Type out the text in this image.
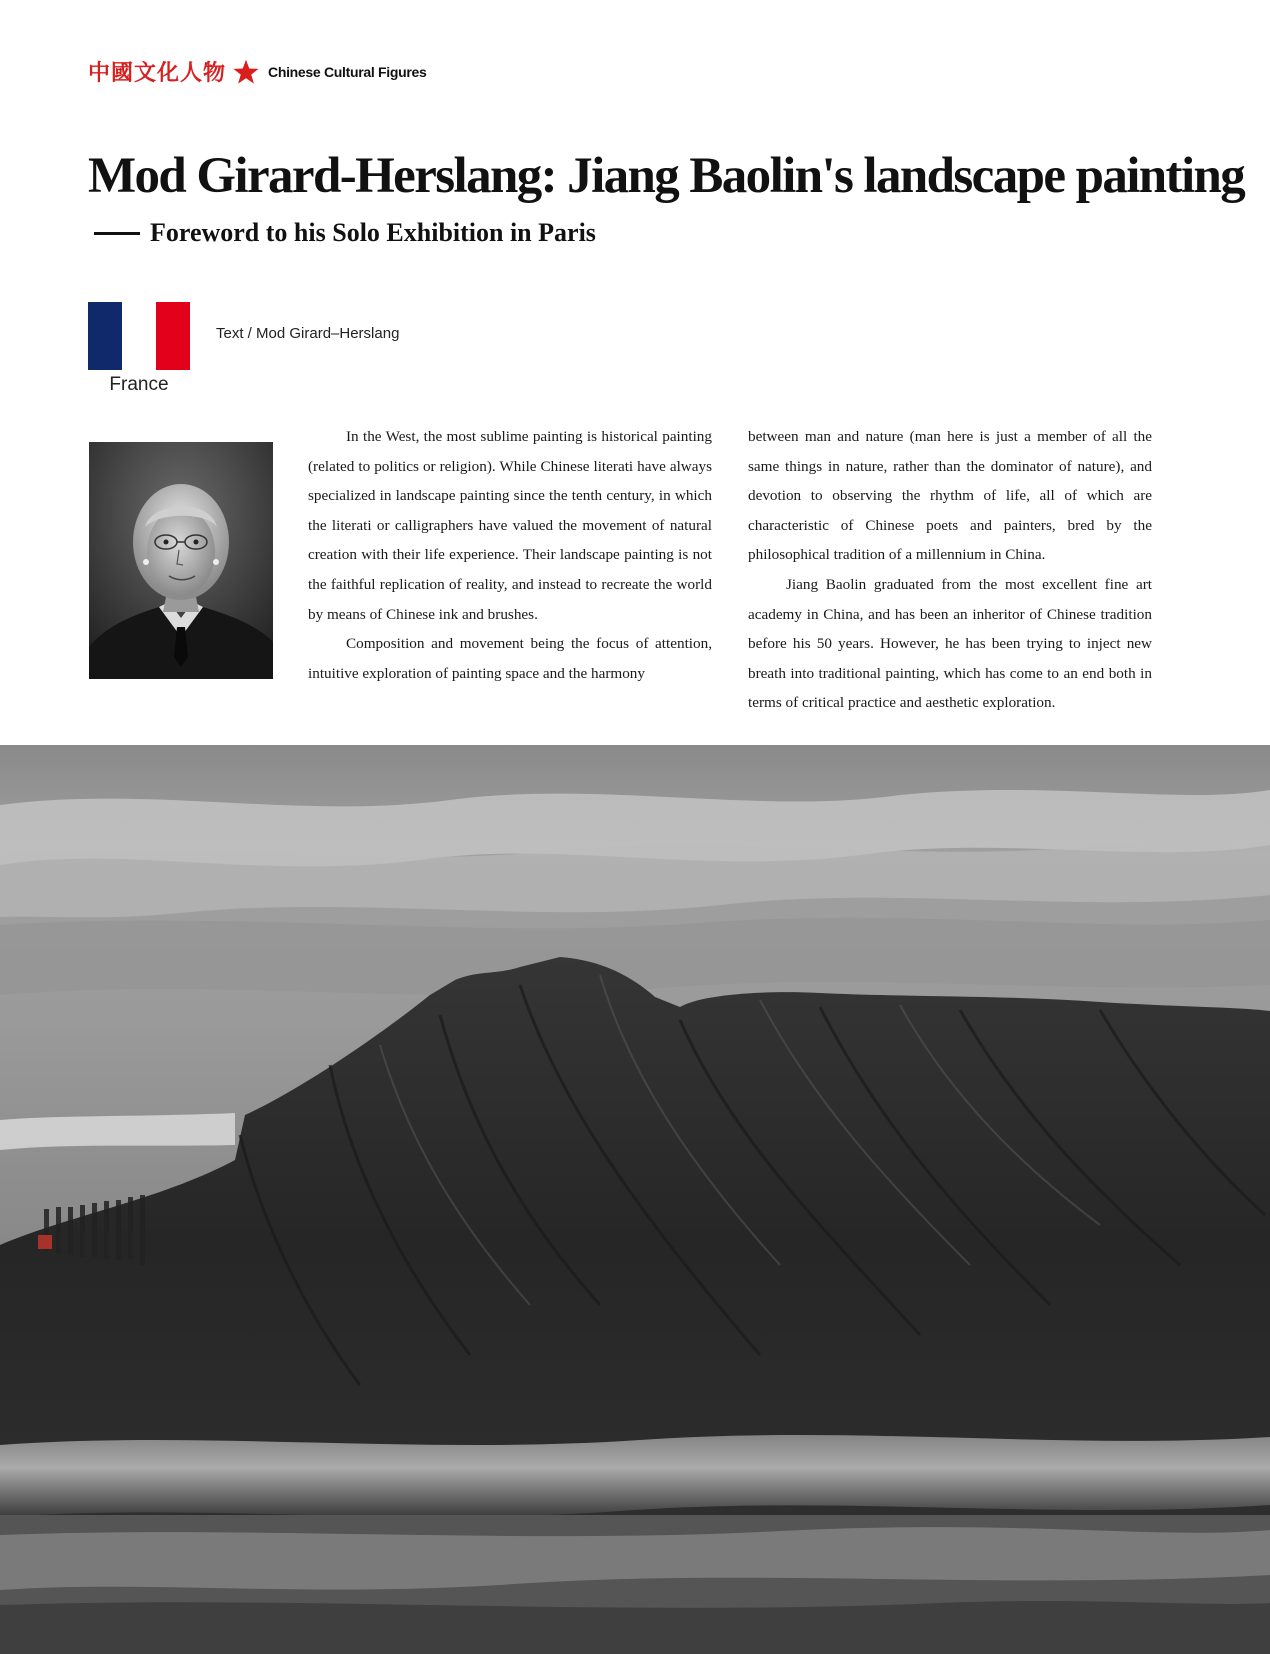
中國文化人物	Chinese Cultural Figures
Mod Girard-Herslang: Jiang Baolin's landscape painting
Foreword to his Solo Exhibition in Paris
France
Text / Mod Girard–Herslang

In the West, the most sublime painting is historical painting (related to politics or religion). While Chinese literati have always specialized in landscape painting since the tenth century, in which the literati or calligraphers have valued the movement of natural creation with their life experience. Their landscape painting is not the faithful replication of reality, and instead to recreate the world by means of Chinese ink and brushes.

Composition and movement being the focus of attention, intuitive exploration of painting space and the harmony

between man and nature (man here is just a member of all the same things in nature, rather than the dominator of nature), and devotion to observing the rhythm of life, all of which are characteristic of Chinese poets and painters, bred by the philosophical tradition of a millennium in China.

Jiang Baolin graduated from the most excellent fine art academy in China, and has been an inheritor of Chinese tradition before his 50 years. However, he has been trying to inject new breath into traditional painting, which has come to an end both in terms of critical practice and aesthetic exploration.
